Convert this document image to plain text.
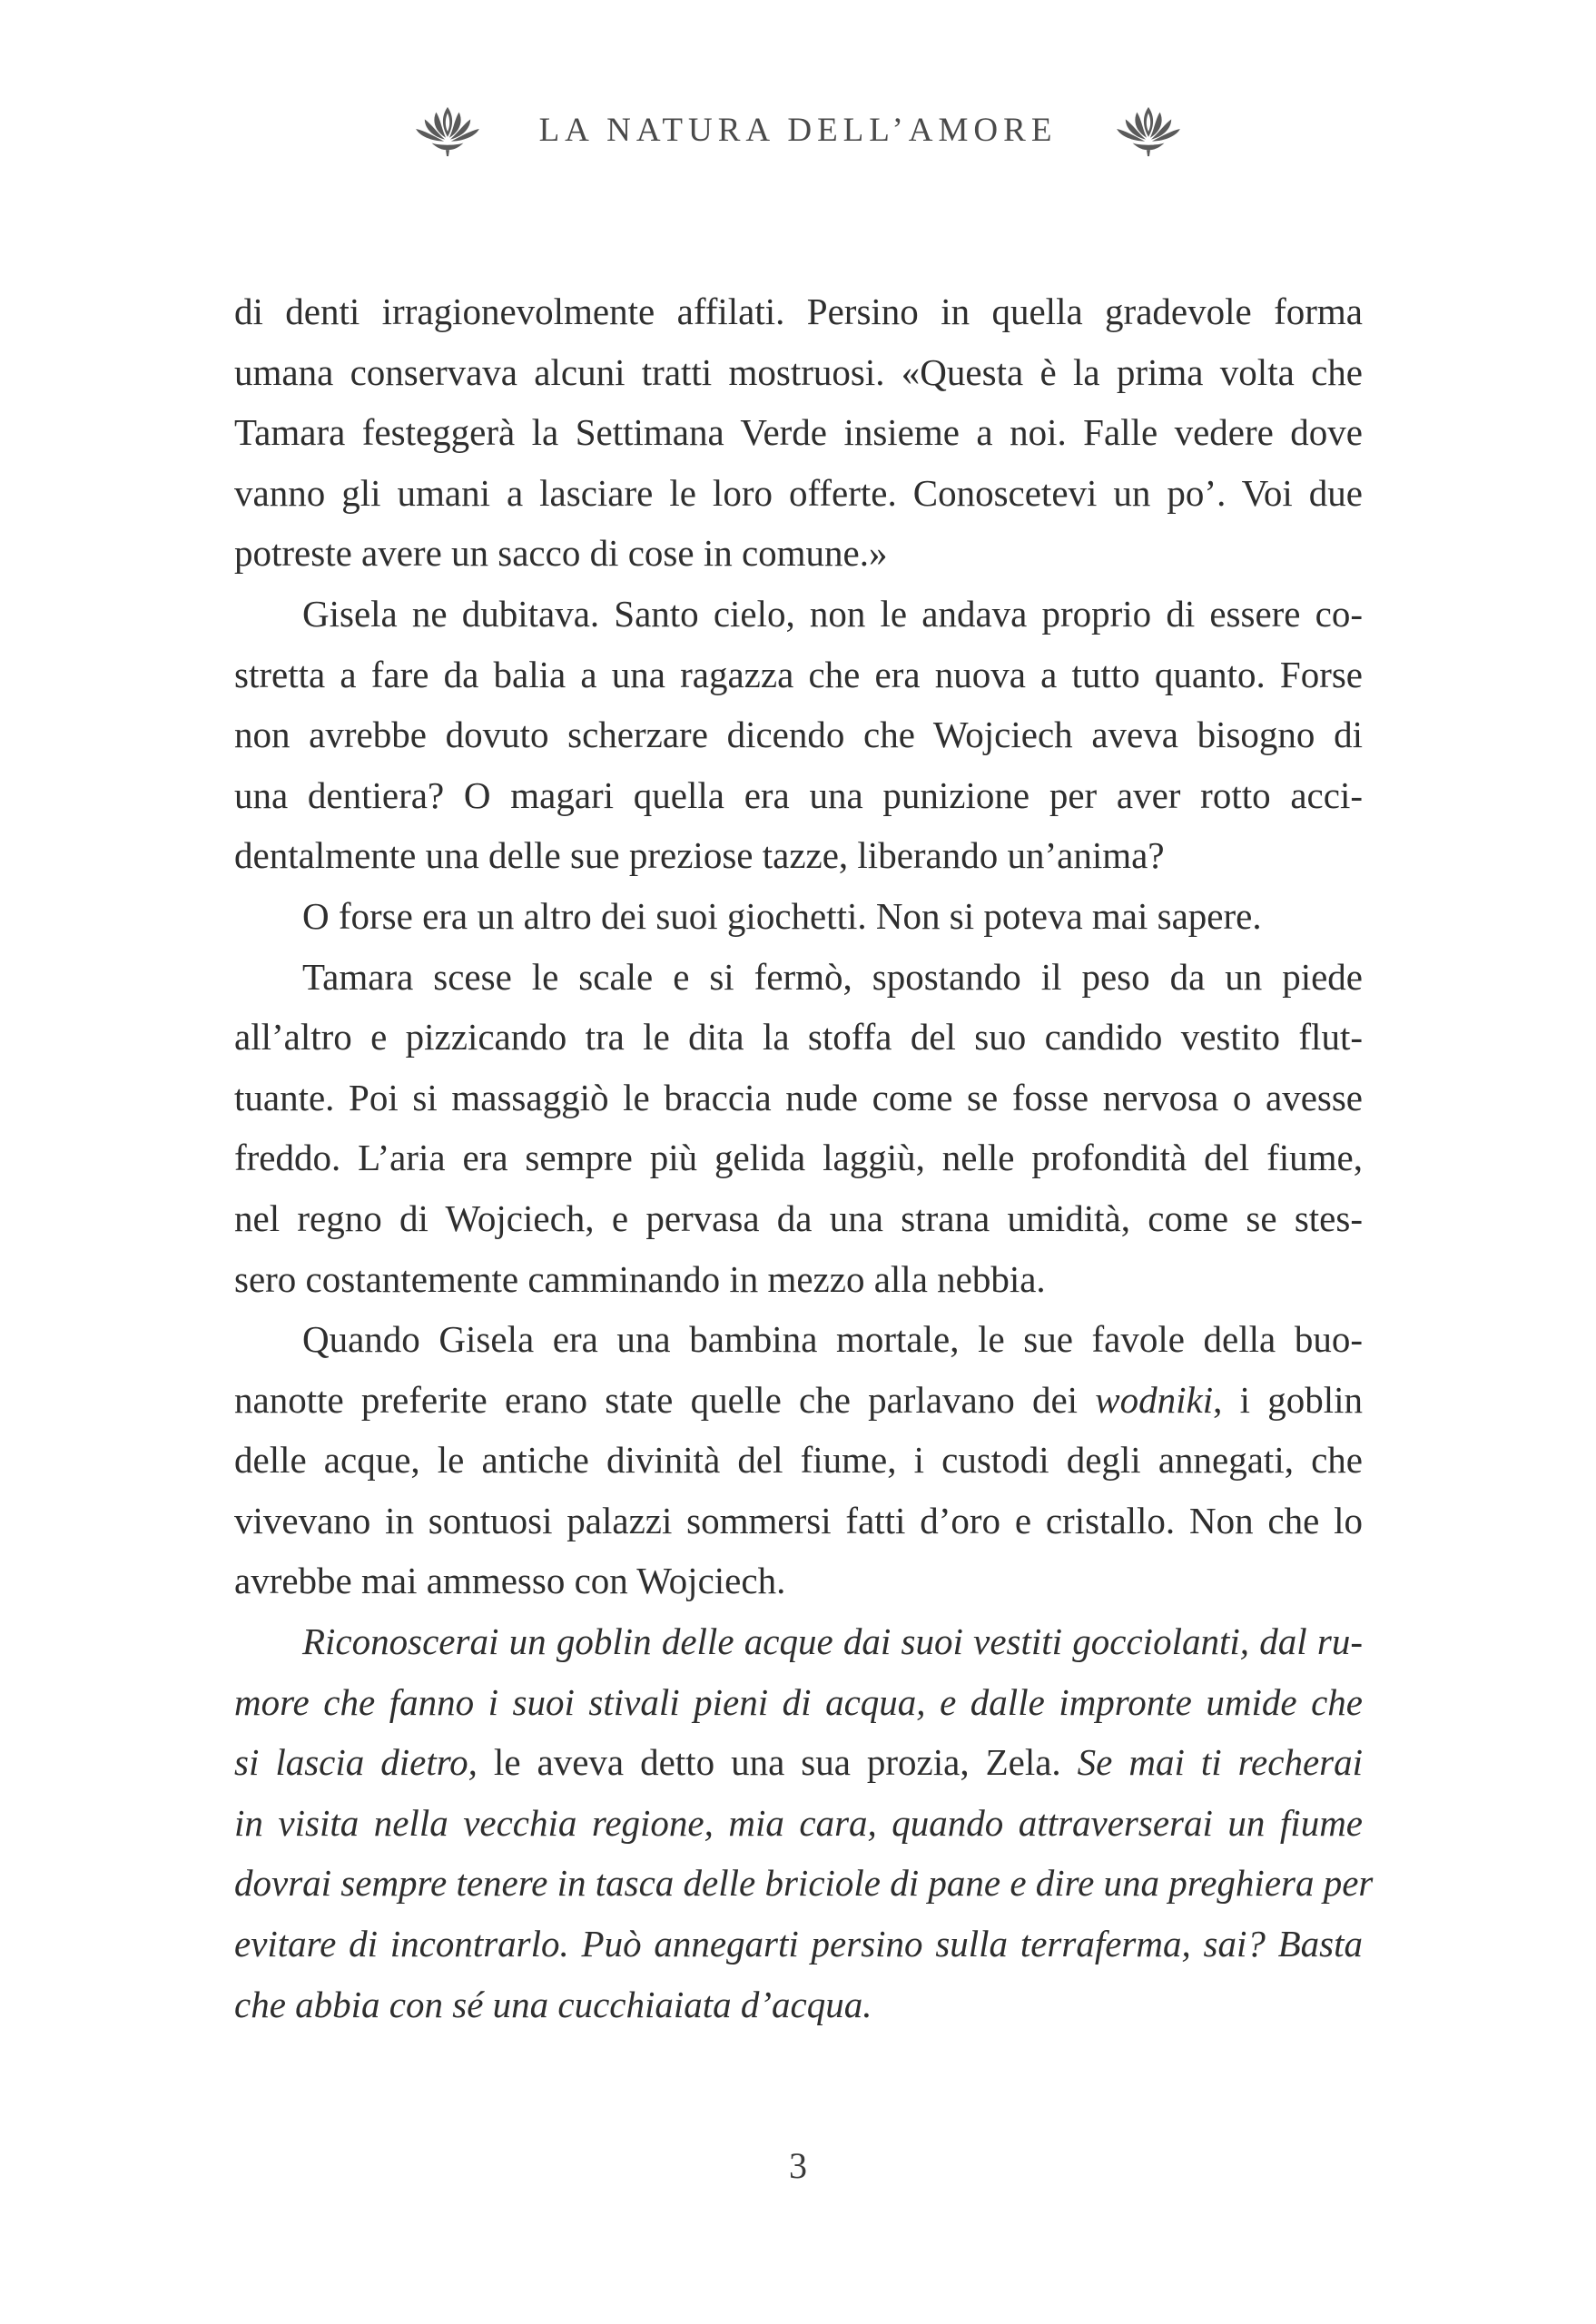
LA NATURA DELL’AMORE
di denti irragionevolmente affilati. Persino in quella gradevole forma
umana conservava alcuni tratti mostruosi. «Questa è la prima volta che
Tamara festeggerà la Settimana Verde insieme a noi. Falle vedere dove
vanno gli umani a lasciare le loro offerte. Conoscetevi un po’. Voi due
potreste avere un sacco di cose in comune.»
Gisela ne dubitava. Santo cielo, non le andava proprio di essere co-
stretta a fare da balia a una ragazza che era nuova a tutto quanto. Forse
non avrebbe dovuto scherzare dicendo che Wojciech aveva bisogno di
una dentiera? O magari quella era una punizione per aver rotto acci-
dentalmente una delle sue preziose tazze, liberando un’anima?
O forse era un altro dei suoi giochetti. Non si poteva mai sapere.
Tamara scese le scale e si fermò, spostando il peso da un piede
all’altro e pizzicando tra le dita la stoffa del suo candido vestito flut-
tuante. Poi si massaggiò le braccia nude come se fosse nervosa o avesse
freddo. L’aria era sempre più gelida laggiù, nelle profondità del fiume,
nel regno di Wojciech, e pervasa da una strana umidità, come se stes-
sero costantemente camminando in mezzo alla nebbia.
Quando Gisela era una bambina mortale, le sue favole della buo-
nanotte preferite erano state quelle che parlavano dei wodniki, i goblin
delle acque, le antiche divinità del fiume, i custodi degli annegati, che
vivevano in sontuosi palazzi sommersi fatti d’oro e cristallo. Non che lo
avrebbe mai ammesso con Wojciech.
Riconoscerai un goblin delle acque dai suoi vestiti gocciolanti, dal ru-
more che fanno i suoi stivali pieni di acqua, e dalle impronte umide che
si lascia dietro, le aveva detto una sua prozia, Zela. Se mai ti recherai
in visita nella vecchia regione, mia cara, quando attraverserai un fiume
dovrai sempre tenere in tasca delle briciole di pane e dire una preghiera per
evitare di incontrarlo. Può annegarti persino sulla terraferma, sai? Basta
che abbia con sé una cucchiaiata d’acqua.
3
